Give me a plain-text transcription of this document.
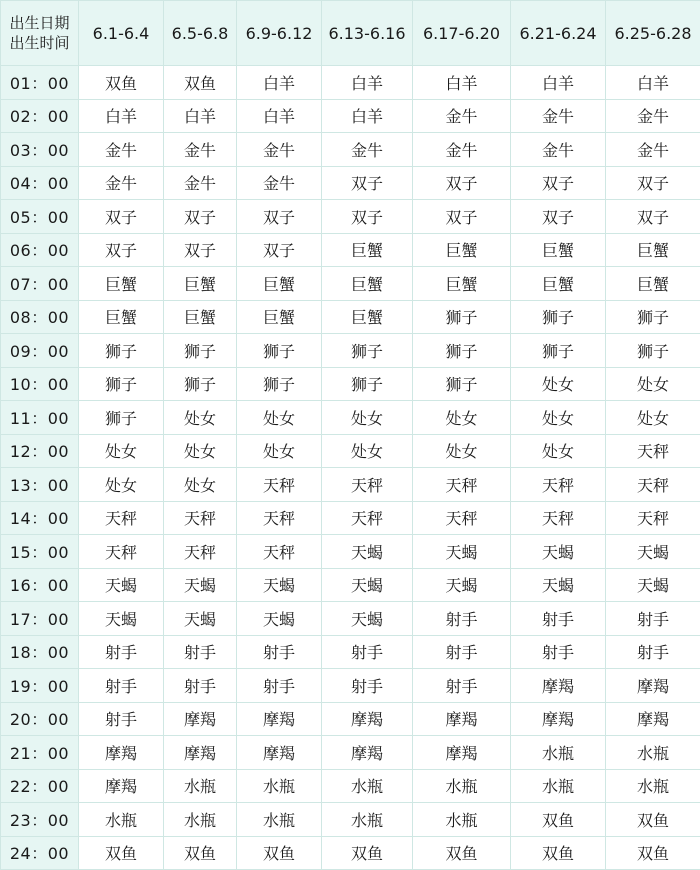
出生日期
出生时间	6.1-6.4	6.5-6.8	6.9-6.12	6.13-6.16	6.17-6.20	6.21-6.24	6.25-6.28
01：00	双鱼	双鱼	白羊	白羊	白羊	白羊	白羊
02：00	白羊	白羊	白羊	白羊	金牛	金牛	金牛
03：00	金牛	金牛	金牛	金牛	金牛	金牛	金牛
04：00	金牛	金牛	金牛	双子	双子	双子	双子
05：00	双子	双子	双子	双子	双子	双子	双子
06：00	双子	双子	双子	巨蟹	巨蟹	巨蟹	巨蟹
07：00	巨蟹	巨蟹	巨蟹	巨蟹	巨蟹	巨蟹	巨蟹
08：00	巨蟹	巨蟹	巨蟹	巨蟹	狮子	狮子	狮子
09：00	狮子	狮子	狮子	狮子	狮子	狮子	狮子
10：00	狮子	狮子	狮子	狮子	狮子	处女	处女
11：00	狮子	处女	处女	处女	处女	处女	处女
12：00	处女	处女	处女	处女	处女	处女	天秤
13：00	处女	处女	天秤	天秤	天秤	天秤	天秤
14：00	天秤	天秤	天秤	天秤	天秤	天秤	天秤
15：00	天秤	天秤	天秤	天蝎	天蝎	天蝎	天蝎
16：00	天蝎	天蝎	天蝎	天蝎	天蝎	天蝎	天蝎
17：00	天蝎	天蝎	天蝎	天蝎	射手	射手	射手
18：00	射手	射手	射手	射手	射手	射手	射手
19：00	射手	射手	射手	射手	射手	摩羯	摩羯
20：00	射手	摩羯	摩羯	摩羯	摩羯	摩羯	摩羯
21：00	摩羯	摩羯	摩羯	摩羯	摩羯	水瓶	水瓶
22：00	摩羯	水瓶	水瓶	水瓶	水瓶	水瓶	水瓶
23：00	水瓶	水瓶	水瓶	水瓶	水瓶	双鱼	双鱼
24：00	双鱼	双鱼	双鱼	双鱼	双鱼	双鱼	双鱼
